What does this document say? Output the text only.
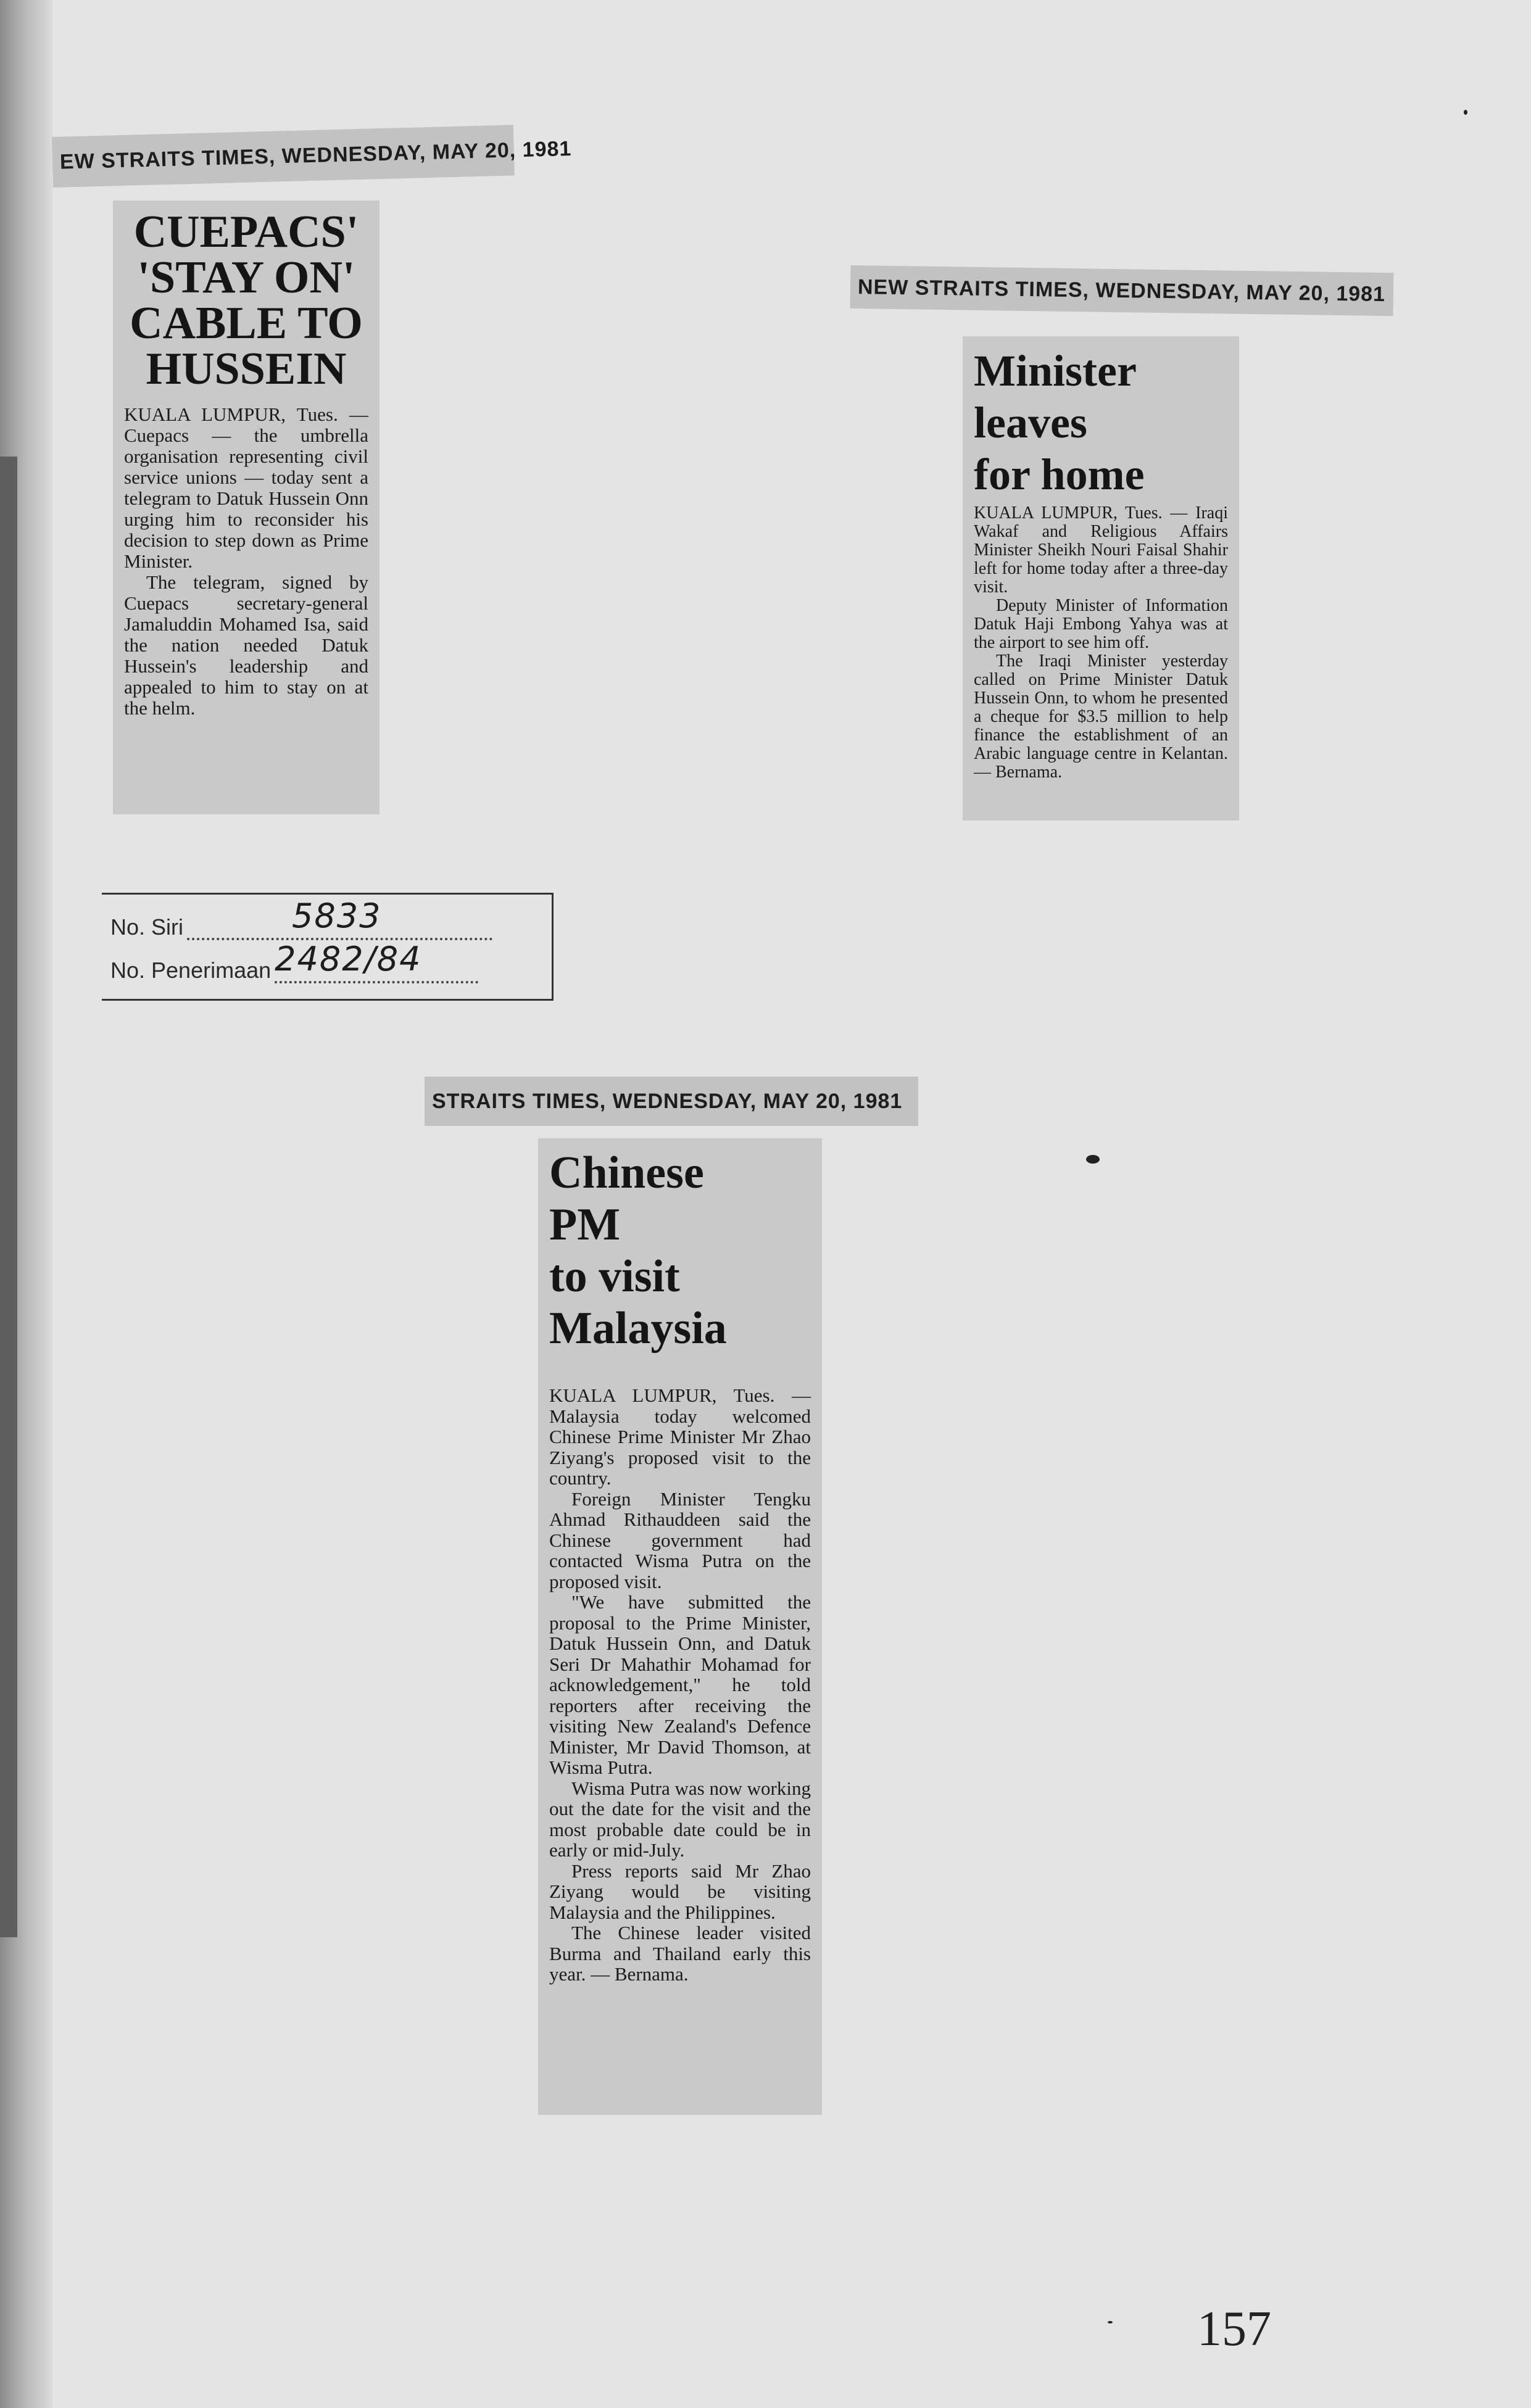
EW STRAITS TIMES, WEDNESDAY, MAY 20, 1981
CUEPACS'
'STAY ON'
CABLE TO
HUSSEIN

KUALA LUMPUR, Tues. — Cuepacs — the umbrella organisation representing civil service unions — today sent a telegram to Datuk Hussein Onn urging him to reconsider his decision to step down as Prime Minister.

The telegram, signed by Cuepacs secretary-general Jamaluddin Mohamed Isa, said the nation needed Datuk Hussein's leadership and appealed to him to stay on at the helm.

NEW STRAITS TIMES, WEDNESDAY, MAY 20, 1981
Minister
leaves
for home

KUALA LUMPUR, Tues. — Iraqi Wakaf and Religious Affairs Minister Sheikh Nouri Faisal Shahir left for home today after a three-day visit.

Deputy Minister of Information Datuk Haji Embong Yahya was at the airport to see him off.

The Iraqi Minister yesterday called on Prime Minister Datuk Hussein Onn, to whom he presented a cheque for $3.5 million to help finance the establishment of an Arabic language centre in Kelantan. — Bernama.

No. Siri	5833
No. Penerimaan 2482/84
STRAITS TIMES, WEDNESDAY, MAY 20, 1981
Chinese
PM
to visit
Malaysia

KUALA LUMPUR, Tues. — Malaysia today welcomed Chinese Prime Minister Mr Zhao Ziyang's proposed visit to the country.

Foreign Minister Tengku Ahmad Rithauddeen said the Chinese government had contacted Wisma Putra on the proposed visit.

"We have submitted the proposal to the Prime Minister, Datuk Hussein Onn, and Datuk Seri Dr Mahathir Mohamad for acknowledgement," he told reporters after receiving the visiting New Zealand's Defence Minister, Mr David Thomson, at Wisma Putra.

Wisma Putra was now working out the date for the visit and the most probable date could be in early or mid-July.

Press reports said Mr Zhao Ziyang would be visiting Malaysia and the Philippines.

The Chinese leader visited Burma and Thailand early this year. — Bernama.

157
